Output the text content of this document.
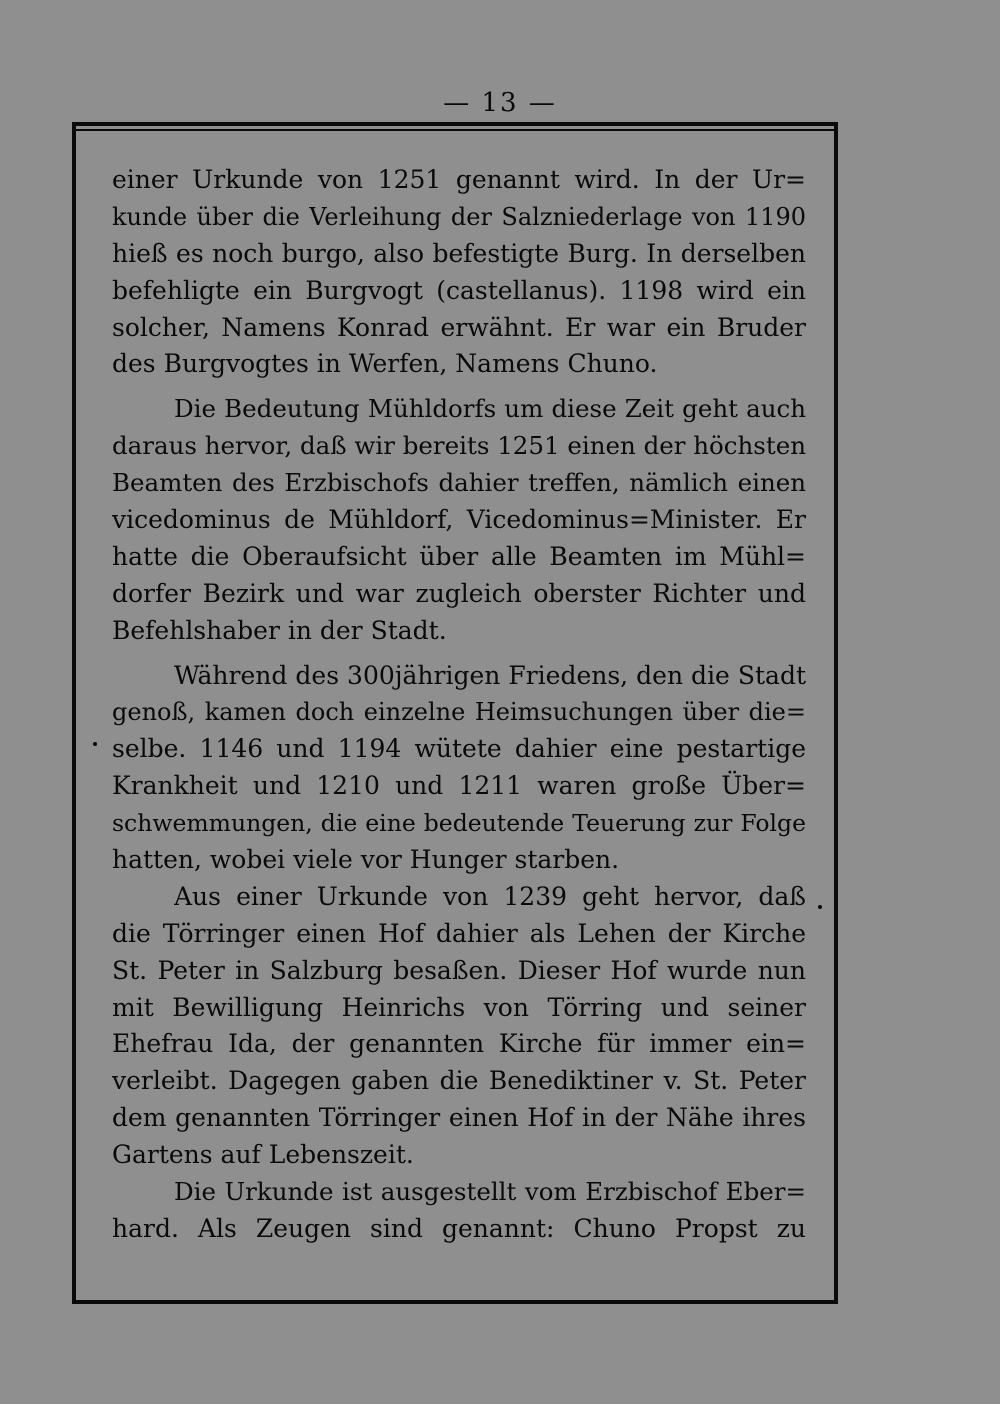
— 13 —
einer Urkunde von 1251 genannt wird. In der Ur=
kunde über die Verleihung der Salzniederlage von 1190
hieß es noch burgo, also befestigte Burg. In derselben
befehligte ein Burgvogt (castellanus). 1198 wird ein
solcher, Namens Konrad erwähnt. Er war ein Bruder
des Burgvogtes in Werfen, Namens Chuno.
Die Bedeutung Mühldorfs um diese Zeit geht auch
daraus hervor, daß wir bereits 1251 einen der höchsten
Beamten des Erzbischofs dahier treffen, nämlich einen
vicedominus de Mühldorf, Vicedominus=Minister. Er
hatte die Oberaufsicht über alle Beamten im Mühl=
dorfer Bezirk und war zugleich oberster Richter und
Befehlshaber in der Stadt.
Während des 300jährigen Friedens, den die Stadt
genoß, kamen doch einzelne Heimsuchungen über die=
selbe. 1146 und 1194 wütete dahier eine pestartige
Krankheit und 1210 und 1211 waren große Über=
schwemmungen, die eine bedeutende Teuerung zur Folge
hatten, wobei viele vor Hunger starben.
Aus einer Urkunde von 1239 geht hervor, daß
die Törringer einen Hof dahier als Lehen der Kirche
St. Peter in Salzburg besaßen. Dieser Hof wurde nun
mit Bewilligung Heinrichs von Törring und seiner
Ehefrau Ida, der genannten Kirche für immer ein=
verleibt. Dagegen gaben die Benediktiner v. St. Peter
dem genannten Törringer einen Hof in der Nähe ihres
Gartens auf Lebenszeit.
Die Urkunde ist ausgestellt vom Erzbischof Eber=
hard. Als Zeugen sind genannt: Chuno Propst zu
